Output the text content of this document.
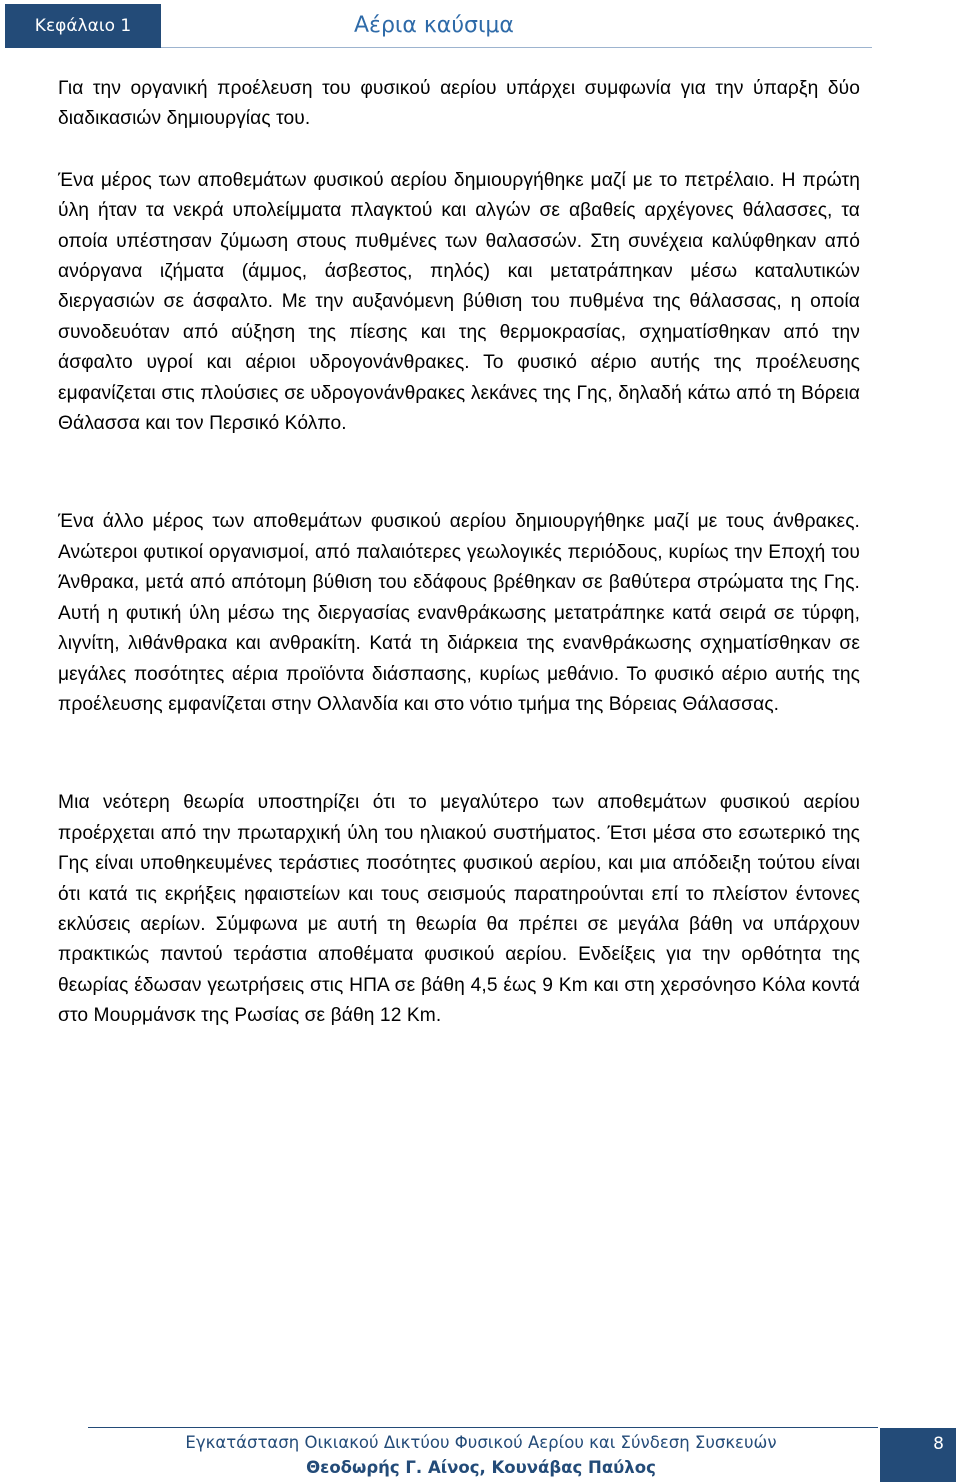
Κεφάλαιο 1	Αέρια καύσιμα

Για την οργανική προέλευση του φυσικού αερίου υπάρχει συμφωνία για την ύπαρξη δύο διαδικασιών δημιουργίας του.

Ένα μέρος των αποθεμάτων φυσικού αερίου δημιουργήθηκε μαζί με το πετρέλαιο. Η πρώτη ύλη ήταν τα νεκρά υπολείμματα πλαγκτού και αλγών σε αβαθείς αρχέγονες θάλασσες, τα οποία υπέστησαν ζύμωση στους πυθμένες των θαλασσών. Στη συνέχεια καλύφθηκαν από ανόργανα ιζήματα (άμμος, άσβεστος, πηλός) και μετατράπηκαν μέσω καταλυτικών διεργασιών σε άσφαλτο. Με την αυξανόμενη βύθιση του πυθμένα της θάλασσας, η οποία συνοδευόταν από αύξηση της πίεσης και της θερμοκρασίας, σχηματίσθηκαν από την άσφαλτο υγροί και αέριοι υδρογονάνθρακες. Το φυσικό αέριο αυτής της προέλευσης εμφανίζεται στις πλούσιες σε υδρογονάνθρακες λεκάνες της Γης, δηλαδή κάτω από τη Βόρεια Θάλασσα και τον Περσικό Κόλπο.

Ένα άλλο μέρος των αποθεμάτων φυσικού αερίου δημιουργήθηκε μαζί με τους άνθρακες. Ανώτεροι φυτικοί οργανισμοί, από παλαιότερες γεωλογικές περιόδους, κυρίως την Εποχή του Άνθρακα, μετά από απότομη βύθιση του εδάφους βρέθηκαν σε βαθύτερα στρώματα της Γης. Αυτή η φυτική ύλη μέσω της διεργασίας ενανθράκωσης μετατράπηκε κατά σειρά σε τύρφη, λιγνίτη, λιθάνθρακα και ανθρακίτη. Κατά τη διάρκεια της ενανθράκωσης σχηματίσθηκαν σε μεγάλες ποσότητες αέρια προϊόντα διάσπασης, κυρίως μεθάνιο. Το φυσικό αέριο αυτής της προέλευσης εμφανίζεται στην Ολλανδία και στο νότιο τμήμα της Βόρειας Θάλασσας.

Μια νεότερη θεωρία υποστηρίζει ότι το μεγαλύτερο των αποθεμάτων φυσικού αερίου προέρχεται από την πρωταρχική ύλη του ηλιακού συστήματος. Έτσι μέσα στο εσωτερικό της Γης είναι υποθηκευμένες τεράστιες ποσότητες φυσικού αερίου, και μια απόδειξη τούτου είναι ότι κατά τις εκρήξεις ηφαιστείων και τους σεισμούς παρατηρούνται επί το πλείστον έντονες εκλύσεις αερίων. Σύμφωνα με αυτή τη θεωρία θα πρέπει σε μεγάλα βάθη να υπάρχουν πρακτικώς παντού τεράστια αποθέματα φυσικού αερίου. Ενδείξεις για την ορθότητα της θεωρίας έδωσαν γεωτρήσεις στις ΗΠΑ σε βάθη 4,5 έως 9 Km και στη χερσόνησο Κόλα κοντά στο Μουρμάνσκ της Ρωσίας σε βάθη 12 Km.

Εγκατάσταση Οικιακού Δικτύου Φυσικού Αερίου και Σύνδεση Συσκευών
Θεοδωρής Γ. Αίνος, Κουνάβας Παύλος
8
